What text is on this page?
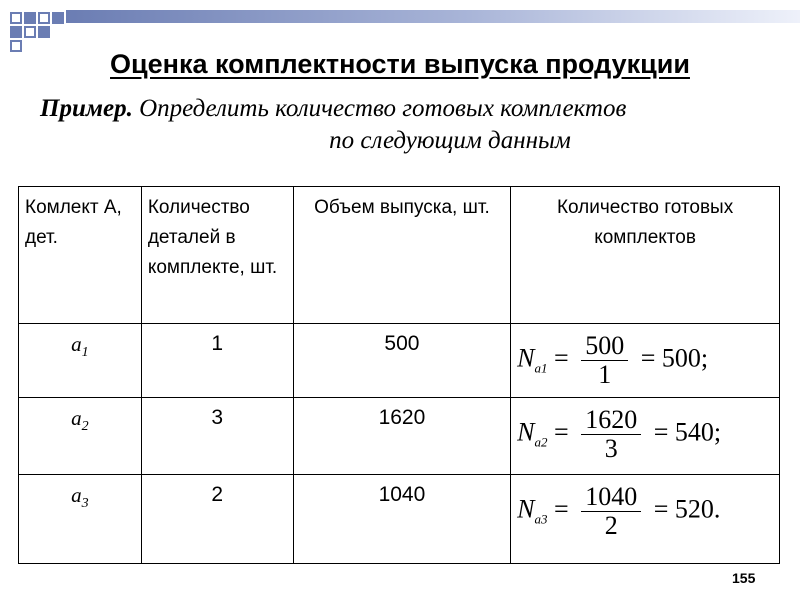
Оценка комплектности выпуска продукции
Пример. Определить количество готовых комплектов
по следующим данным
Комлект А, дет.	Количество деталей в комплекте, шт.	Объем выпуска, шт.	Количество готовых комплектов
$a_1$	1	500	$N_{a1} = \frac{500}{1} = 500$;
$a_2$	3	1620	$N_{a2} = \frac{1620}{3} = 540$;
$a_3$	2	1040	$N_{a3} = \frac{1040}{2} = 520$.
155
